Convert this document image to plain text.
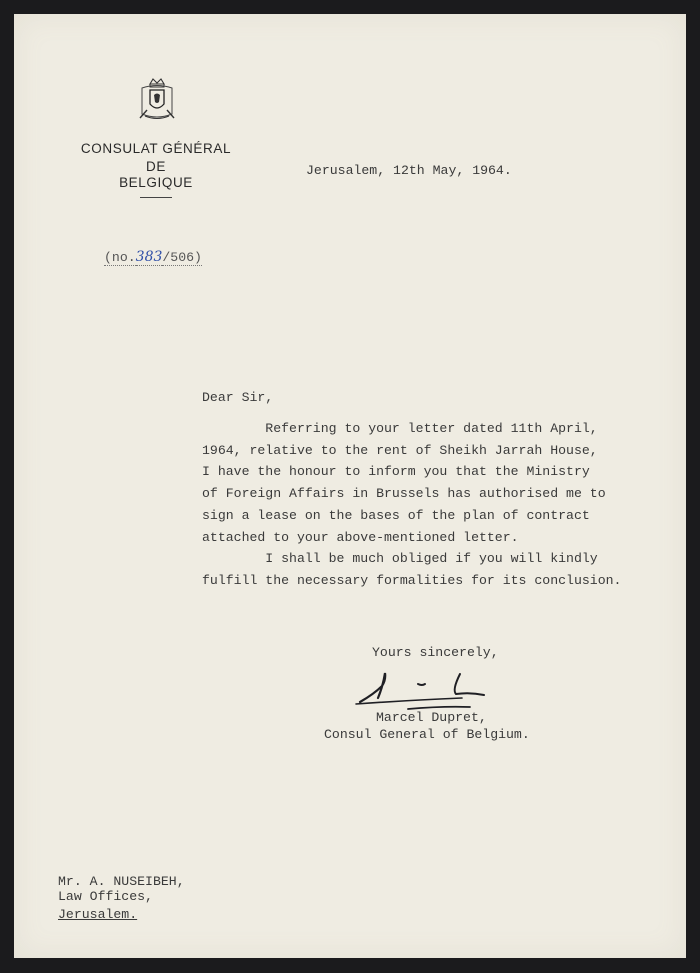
CONSULAT GÉNÉRAL
DE
BELGIQUE
Jerusalem, 12th May, 1964.
(no.383/506)
Dear Sir,
Referring to your letter dated 11th April,
1964, relative to the rent of Sheikh Jarrah House,
I have the honour to inform you that the Ministry
of Foreign Affairs in Brussels has authorised me to
sign a lease on the bases of the plan of contract
attached to your above-mentioned letter.
I shall be much obliged if you will kindly
fulfill the necessary formalities for its conclusion.
Yours sincerely,
Marcel Dupret,
Consul General of Belgium.
Mr. A. NUSEIBEH,
Law Offices,
Jerusalem.
